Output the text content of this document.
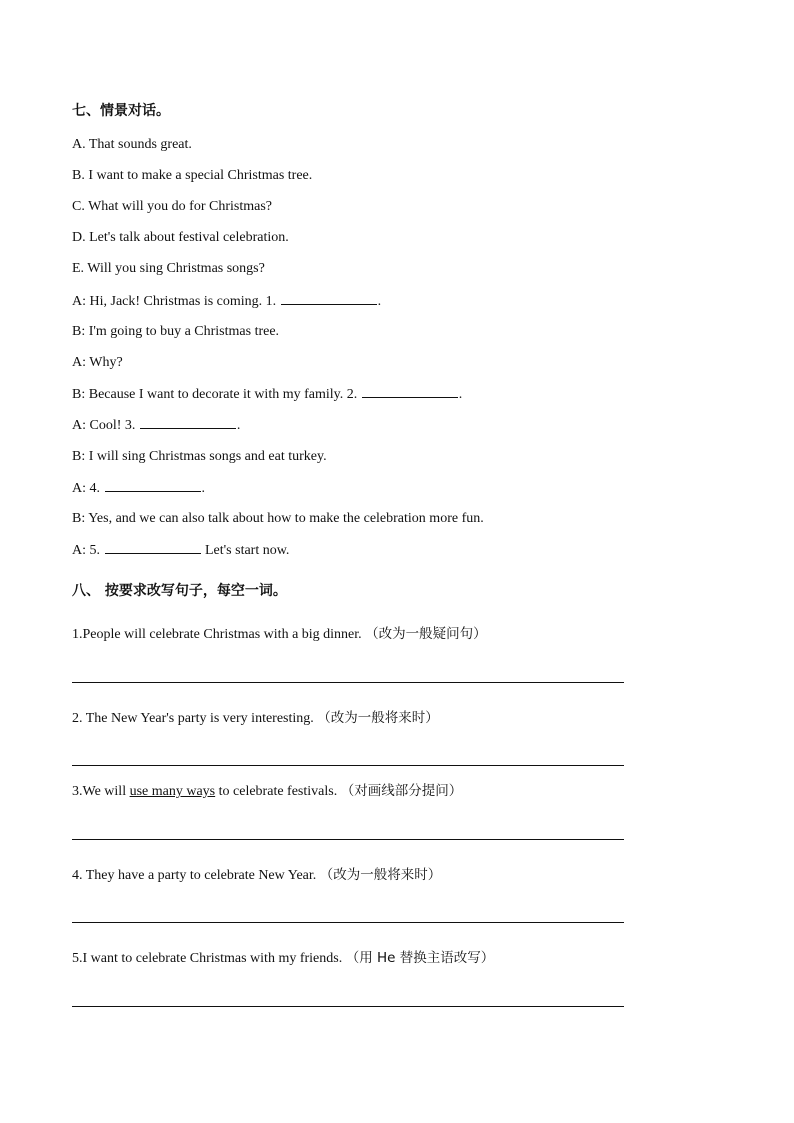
七、情景对话。
A. That sounds great.
B. I want to make a special Christmas tree.
C. What will you do for Christmas?
D. Let's talk about festival celebration.
E. Will you sing Christmas songs?
A: Hi, Jack! Christmas is coming. 1.	.
B: I'm going to buy a Christmas tree.
A: Why?
B: Because I want to decorate it with my family. 2.	.
A: Cool! 3.	.
B: I will sing Christmas songs and eat turkey.
A: 4.	.
B: Yes, and we can also talk about how to make the celebration more fun.
A: 5.	Let's start now.
八、 按要求改写句子，每空一词。
1.People will celebrate Christmas with a big dinner. （改为一般疑问句）
2. The New Year's party is very interesting. （改为一般将来时）
3.We will use many ways to celebrate festivals. （对画线部分提问）
4. They have a party to celebrate New Year. （改为一般将来时）
5.I want to celebrate Christmas with my friends. （用 He 替换主语改写）
